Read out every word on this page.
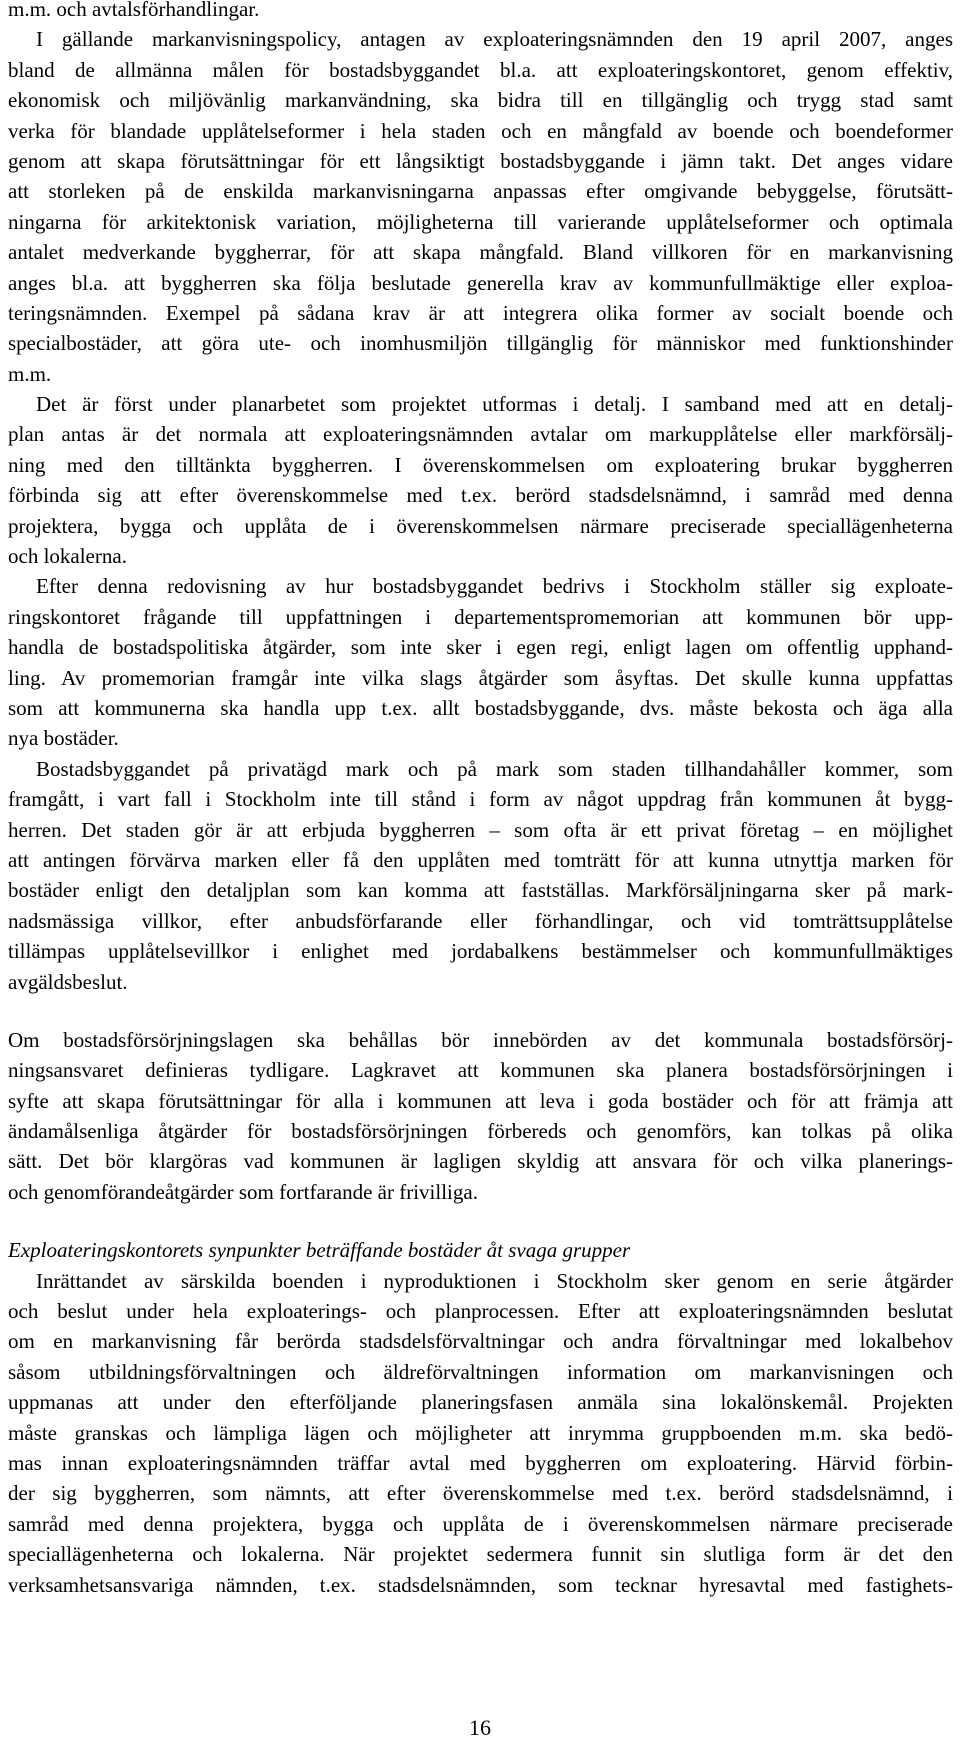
m.m. och avtalsförhandlingar.
I gällande markanvisningspolicy, antagen av exploateringsnämnden den 19 april 2007, anges
bland de allmänna målen för bostadsbyggandet bl.a. att exploateringskontoret, genom effektiv,
ekonomisk och miljövänlig markanvändning, ska bidra till en tillgänglig och trygg stad samt
verka för blandade upplåtelseformer i hela staden och en mångfald av boende och boendeformer
genom att skapa förutsättningar för ett långsiktigt bostadsbyggande i jämn takt. Det anges vidare
att storleken på de enskilda markanvisningarna anpassas efter omgivande bebyggelse, förutsätt-
ningarna för arkitektonisk variation, möjligheterna till varierande upplåtelseformer och optimala
antalet medverkande byggherrar, för att skapa mångfald. Bland villkoren för en markanvisning
anges bl.a. att byggherren ska följa beslutade generella krav av kommunfullmäktige eller exploa-
teringsnämnden. Exempel på sådana krav är att integrera olika former av socialt boende och
specialbostäder, att göra ute- och inomhusmiljön tillgänglig för människor med funktionshinder
m.m.
Det är först under planarbetet som projektet utformas i detalj. I samband med att en detalj-
plan antas är det normala att exploateringsnämnden avtalar om markupplåtelse eller markförsälj-
ning med den tilltänkta byggherren. I överenskommelsen om exploatering brukar byggherren
förbinda sig att efter överenskommelse med t.ex. berörd stadsdelsnämnd, i samråd med denna
projektera, bygga och upplåta de i överenskommelsen närmare preciserade speciallägenheterna
och lokalerna.
Efter denna redovisning av hur bostadsbyggandet bedrivs i Stockholm ställer sig exploate-
ringskontoret frågande till uppfattningen i departementspromemorian att kommunen bör upp-
handla de bostadspolitiska åtgärder, som inte sker i egen regi, enligt lagen om offentlig upphand-
ling. Av promemorian framgår inte vilka slags åtgärder som åsyftas. Det skulle kunna uppfattas
som att kommunerna ska handla upp t.ex. allt bostadsbyggande, dvs. måste bekosta och äga alla
nya bostäder.
Bostadsbyggandet på privatägd mark och på mark som staden tillhandahåller kommer, som
framgått, i vart fall i Stockholm inte till stånd i form av något uppdrag från kommunen åt bygg-
herren. Det staden gör är att erbjuda byggherren – som ofta är ett privat företag – en möjlighet
att antingen förvärva marken eller få den upplåten med tomträtt för att kunna utnyttja marken för
bostäder enligt den detaljplan som kan komma att fastställas. Markförsäljningarna sker på mark-
nadsmässiga villkor, efter anbudsförfarande eller förhandlingar, och vid tomträttsupplåtelse
tillämpas upplåtelsevillkor i enlighet med jordabalkens bestämmelser och kommunfullmäktiges
avgäldsbeslut.
Om bostadsförsörjningslagen ska behållas bör innebörden av det kommunala bostadsförsörj-
ningsansvaret definieras tydligare. Lagkravet att kommunen ska planera bostadsförsörjningen i
syfte att skapa förutsättningar för alla i kommunen att leva i goda bostäder och för att främja att
ändamålsenliga åtgärder för bostadsförsörjningen förbereds och genomförs, kan tolkas på olika
sätt. Det bör klargöras vad kommunen är lagligen skyldig att ansvara för och vilka planerings-
och genomförandeåtgärder som fortfarande är frivilliga.
Exploateringskontorets synpunkter beträffande bostäder åt svaga grupper
Inrättandet av särskilda boenden i nyproduktionen i Stockholm sker genom en serie åtgärder
och beslut under hela exploaterings- och planprocessen. Efter att exploateringsnämnden beslutat
om en markanvisning får berörda stadsdelsförvaltningar och andra förvaltningar med lokalbehov
såsom utbildningsförvaltningen och äldreförvaltningen information om markanvisningen och
uppmanas att under den efterföljande planeringsfasen anmäla sina lokalönskemål. Projekten
måste granskas och lämpliga lägen och möjligheter att inrymma gruppboenden m.m. ska bedö-
mas innan exploateringsnämnden träffar avtal med byggherren om exploatering. Härvid förbin-
der sig byggherren, som nämnts, att efter överenskommelse med t.ex. berörd stadsdelsnämnd, i
samråd med denna projektera, bygga och upplåta de i överenskommelsen närmare preciserade
speciallägenheterna och lokalerna. När projektet sedermera funnit sin slutliga form är det den
verksamhetsansvariga nämnden, t.ex. stadsdelsnämnden, som tecknar hyresavtal med fastighets-
16
